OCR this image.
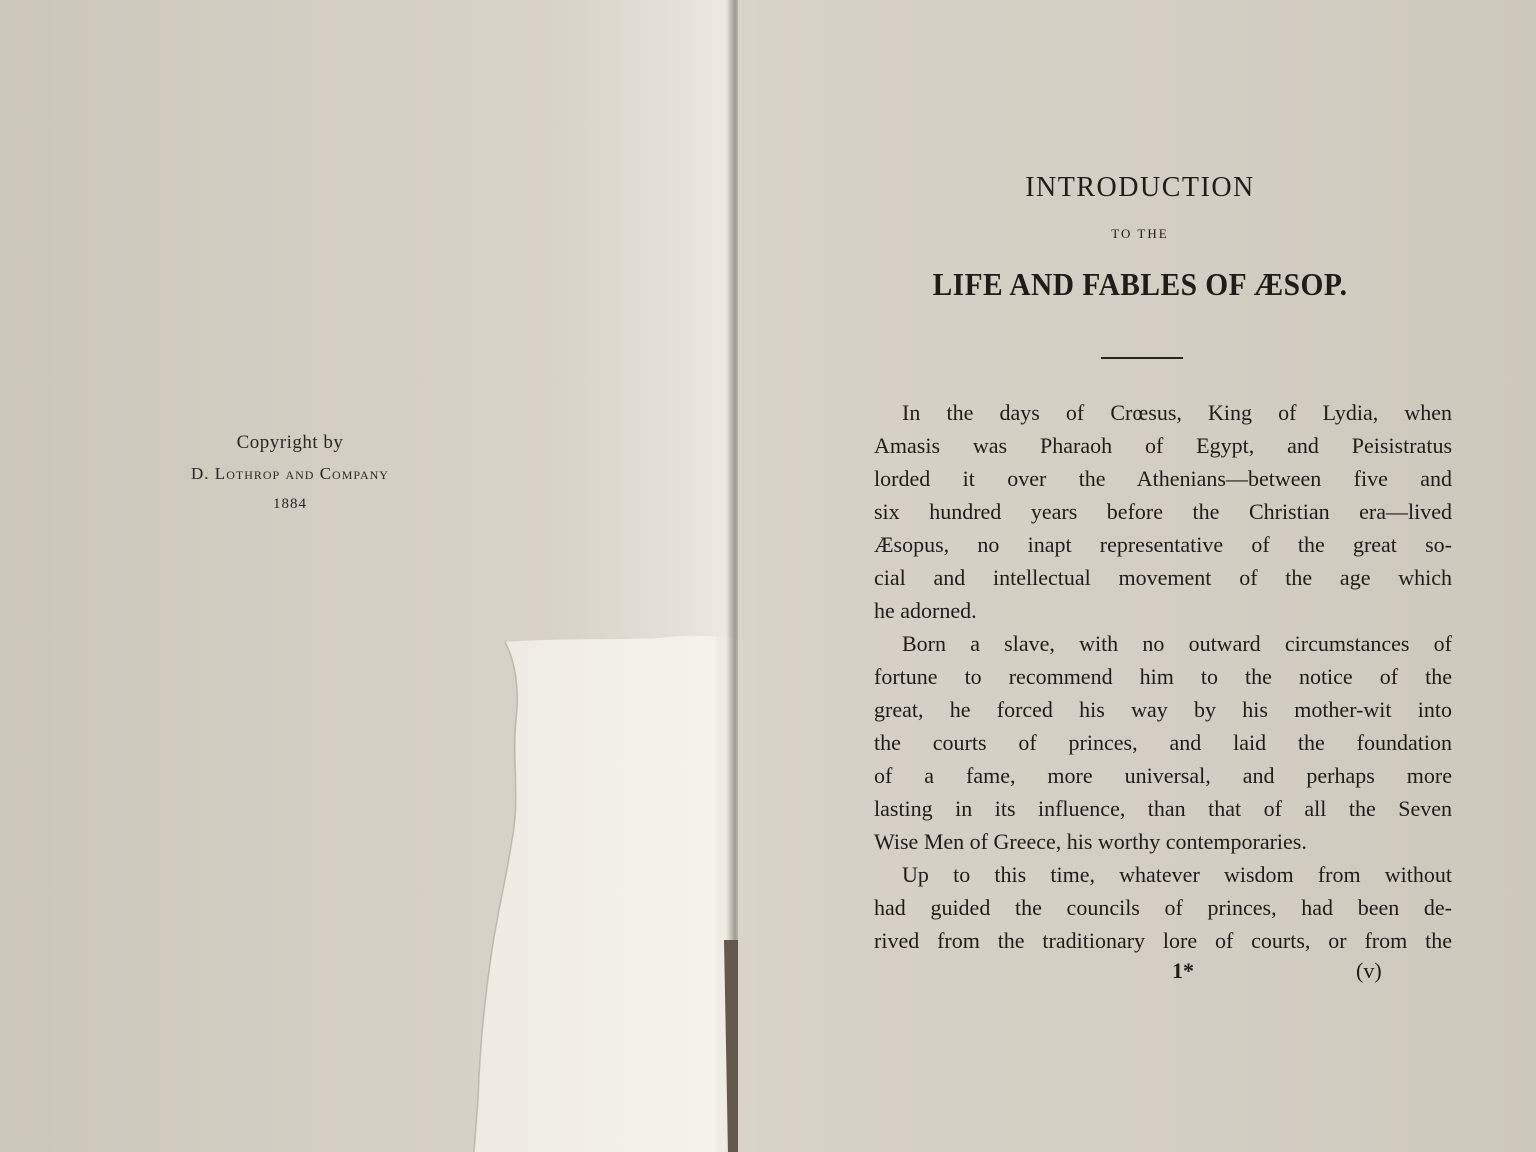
Copyright by
D. Lothrop and Company
1884
INTRODUCTION
TO THE
LIFE AND FABLES OF ÆSOP.
In the days of Crœsus, King of Lydia, when
Amasis was Pharaoh of Egypt, and Peisistratus
lorded it over the Athenians—between five and
six hundred years before the Christian era—lived
Æsopus, no inapt representative of the great so-
cial and intellectual movement of the age which
he adorned.
Born a slave, with no outward circumstances of
fortune to recommend him to the notice of the
great, he forced his way by his mother-wit into
the courts of princes, and laid the foundation
of a fame, more universal, and perhaps more
lasting in its influence, than that of all the Seven
Wise Men of Greece, his worthy contemporaries.
Up to this time, whatever wisdom from without
had guided the councils of princes, had been de-
rived from the traditionary lore of courts, or from the
1*	(v)
